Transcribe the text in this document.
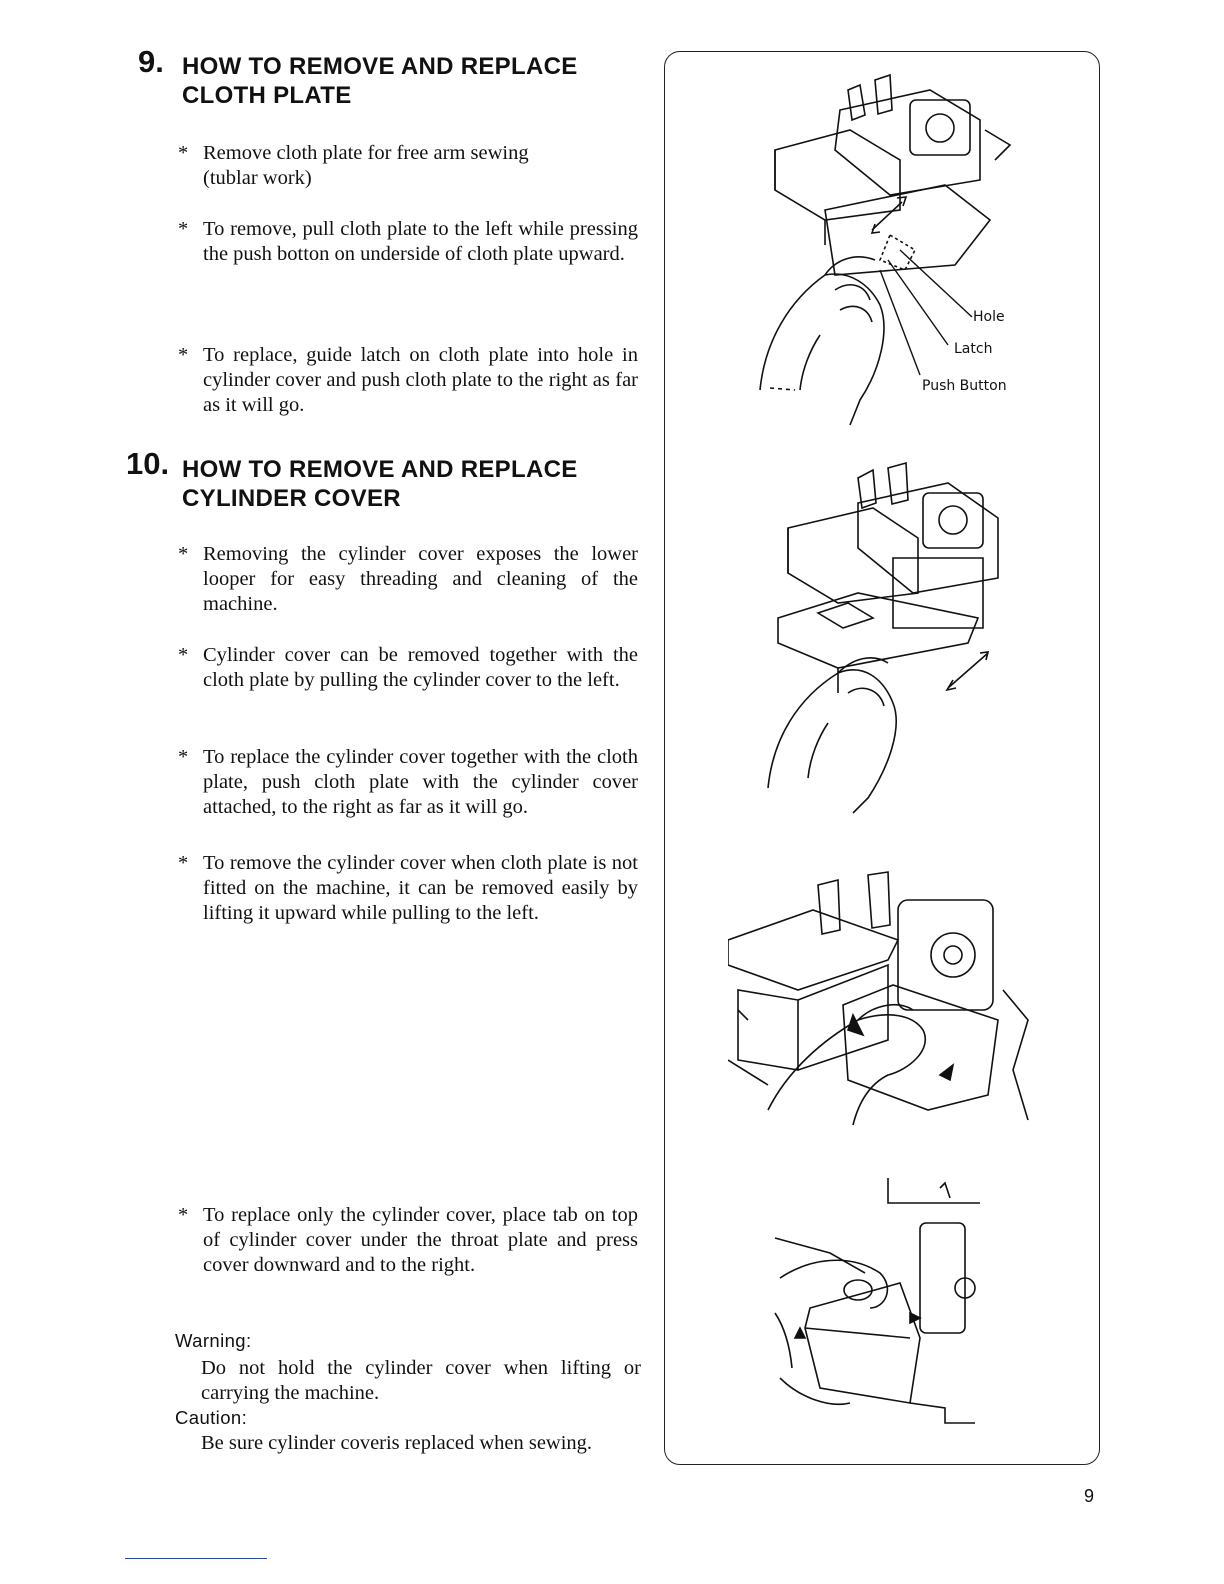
9. HOW TO REMOVE AND REPLACE
CLOTH PLATE
* Remove cloth plate for free arm sewing (tublar work)
* To remove, pull cloth plate to the left while pressing the push botton on underside of cloth plate upward.
* To replace, guide latch on cloth plate into hole in cylinder cover and push cloth plate to the right as far as it will go.
10. HOW TO REMOVE AND REPLACE
CYLINDER COVER
* Removing the cylinder cover exposes the lower looper for easy threading and cleaning of the machine.
* Cylinder cover can be removed together with the cloth plate by pulling the cylinder cover to the left.
* To replace the cylinder cover together with the cloth plate, push cloth plate with the cylinder cover attached, to the right as far as it will go.
* To remove the cylinder cover when cloth plate is not fitted on the machine, it can be removed easily by lifting it upward while pulling to the left.
* To replace only the cylinder cover, place tab on top of cylinder cover under the throat plate and press cover downward and to the right.
Warning:
Do not hold the cylinder cover when lifting or carrying the machine.
Caution:
Be sure cylinder coveris replaced when sewing.
Hole
Latch
Push Button
9
